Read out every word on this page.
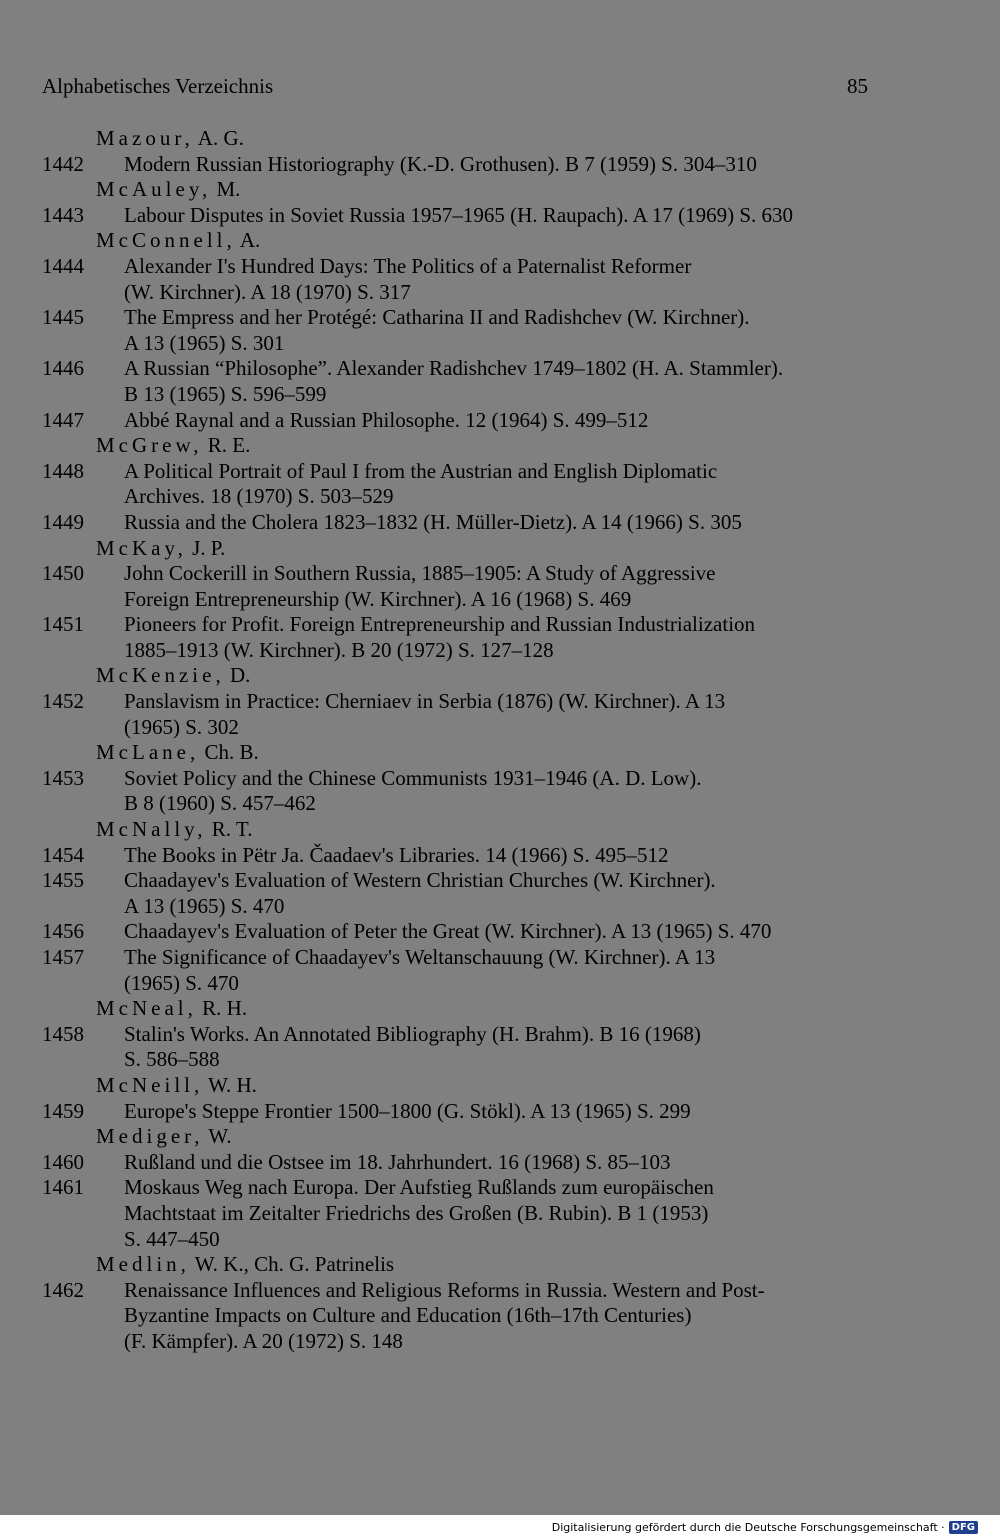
Alphabetisches Verzeichnis	85
Mazour, A. G.
1442	Modern Russian Historiography (K.-D. Grothusen). B 7 (1959) S. 304–310
McAuley, M.
1443	Labour Disputes in Soviet Russia 1957–1965 (H. Raupach). A 17 (1969) S. 630
McConnell, A.
1444	Alexander I's Hundred Days: The Politics of a Paternalist Reformer
(W. Kirchner). A 18 (1970) S. 317
1445	The Empress and her Protégé: Catharina II and Radishchev (W. Kirchner).
A 13 (1965) S. 301
1446	A Russian “Philosophe”. Alexander Radishchev 1749–1802 (H. A. Stammler).
B 13 (1965) S. 596–599
1447	Abbé Raynal and a Russian Philosophe. 12 (1964) S. 499–512
McGrew, R. E.
1448	A Political Portrait of Paul I from the Austrian and English Diplomatic
Archives. 18 (1970) S. 503–529
1449	Russia and the Cholera 1823–1832 (H. Müller-Dietz). A 14 (1966) S. 305
McKay, J. P.
1450	John Cockerill in Southern Russia, 1885–1905: A Study of Aggressive
Foreign Entrepreneurship (W. Kirchner). A 16 (1968) S. 469
1451	Pioneers for Profit. Foreign Entrepreneurship and Russian Industrialization
1885–1913 (W. Kirchner). B 20 (1972) S. 127–128
McKenzie, D.
1452	Panslavism in Practice: Cherniaev in Serbia (1876) (W. Kirchner). A 13
(1965) S. 302
McLane, Ch. B.
1453	Soviet Policy and the Chinese Communists 1931–1946 (A. D. Low).
B 8 (1960) S. 457–462
McNally, R. T.
1454	The Books in Pëtr Ja. Čaadaev's Libraries. 14 (1966) S. 495–512
1455	Chaadayev's Evaluation of Western Christian Churches (W. Kirchner).
A 13 (1965) S. 470
1456	Chaadayev's Evaluation of Peter the Great (W. Kirchner). A 13 (1965) S. 470
1457	The Significance of Chaadayev's Weltanschauung (W. Kirchner). A 13
(1965) S. 470
McNeal, R. H.
1458	Stalin's Works. An Annotated Bibliography (H. Brahm). B 16 (1968)
S. 586–588
McNeill, W. H.
1459	Europe's Steppe Frontier 1500–1800 (G. Stökl). A 13 (1965) S. 299
Mediger, W.
1460	Rußland und die Ostsee im 18. Jahrhundert. 16 (1968) S. 85–103
1461	Moskaus Weg nach Europa. Der Aufstieg Rußlands zum europäischen
Machtstaat im Zeitalter Friedrichs des Großen (B. Rubin). B 1 (1953)
S. 447–450
Medlin, W. K., Ch. G. Patrinelis
1462	Renaissance Influences and Religious Reforms in Russia. Western and Post-
Byzantine Impacts on Culture and Education (16th–17th Centuries)
(F. Kämpfer). A 20 (1972) S. 148
Digitalisierung gefördert durch die Deutsche Forschungsgemeinschaft · DFG
